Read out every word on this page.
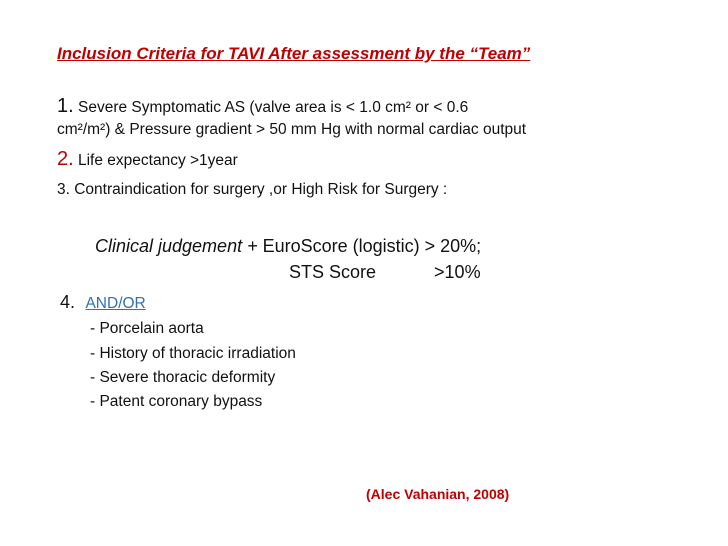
Inclusion Criteria for TAVI After assessment by the “Team”
1. Severe Symptomatic AS (valve area is < 1.0 cm² or < 0.6
cm²/m²) & Pressure gradient > 50 mm Hg with normal cardiac output
2. Life expectancy >1year
3. Contraindication for surgery ,or High Risk for Surgery :
Clinical judgement + EuroScore (logistic) > 20%;
STS Score	>10%
4. AND/OR
- Porcelain aorta
- History of thoracic irradiation
- Severe thoracic deformity
- Patent coronary bypass
(Alec Vahanian, 2008)
